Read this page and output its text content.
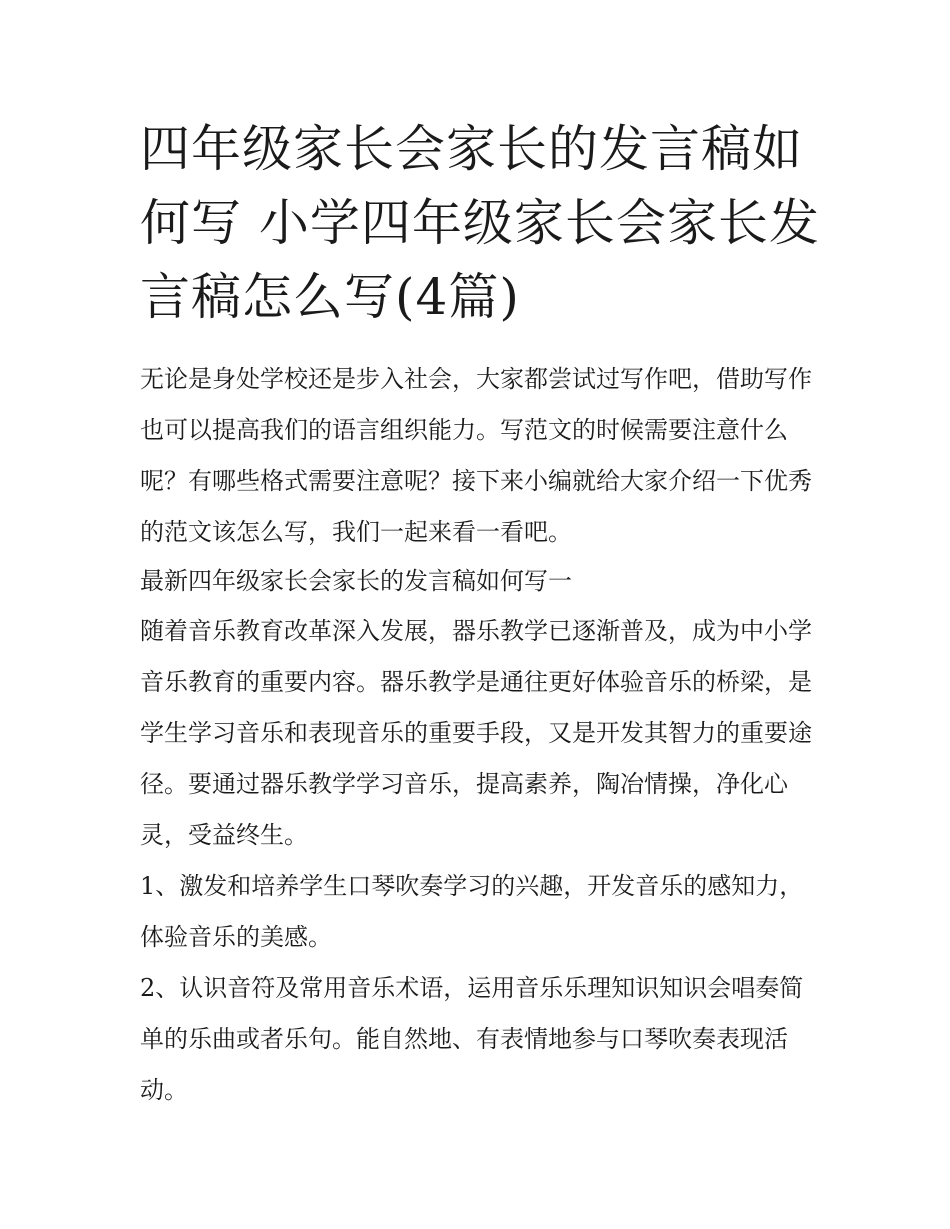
四年级家长会家长的发言稿如何写 小学四年级家长会家长发言稿怎么写(4篇)

无论是身处学校还是步入社会，大家都尝试过写作吧，借助写作也可以提高我们的语言组织能力。写范文的时候需要注意什么呢？有哪些格式需要注意呢？接下来小编就给大家介绍一下优秀的范文该怎么写，我们一起来看一看吧。

最新四年级家长会家长的发言稿如何写一

随着音乐教育改革深入发展，器乐教学已逐渐普及，成为中小学音乐教育的重要内容。器乐教学是通往更好体验音乐的桥梁，是学生学习音乐和表现音乐的重要手段，又是开发其智力的重要途径。要通过器乐教学学习音乐，提高素养，陶冶情操，净化心灵，受益终生。

1、激发和培养学生口琴吹奏学习的兴趣，开发音乐的感知力，体验音乐的美感。

2、认识音符及常用音乐术语，运用音乐乐理知识知识会唱奏简单的乐曲或者乐句。能自然地、有表情地参与口琴吹奏表现活动。
